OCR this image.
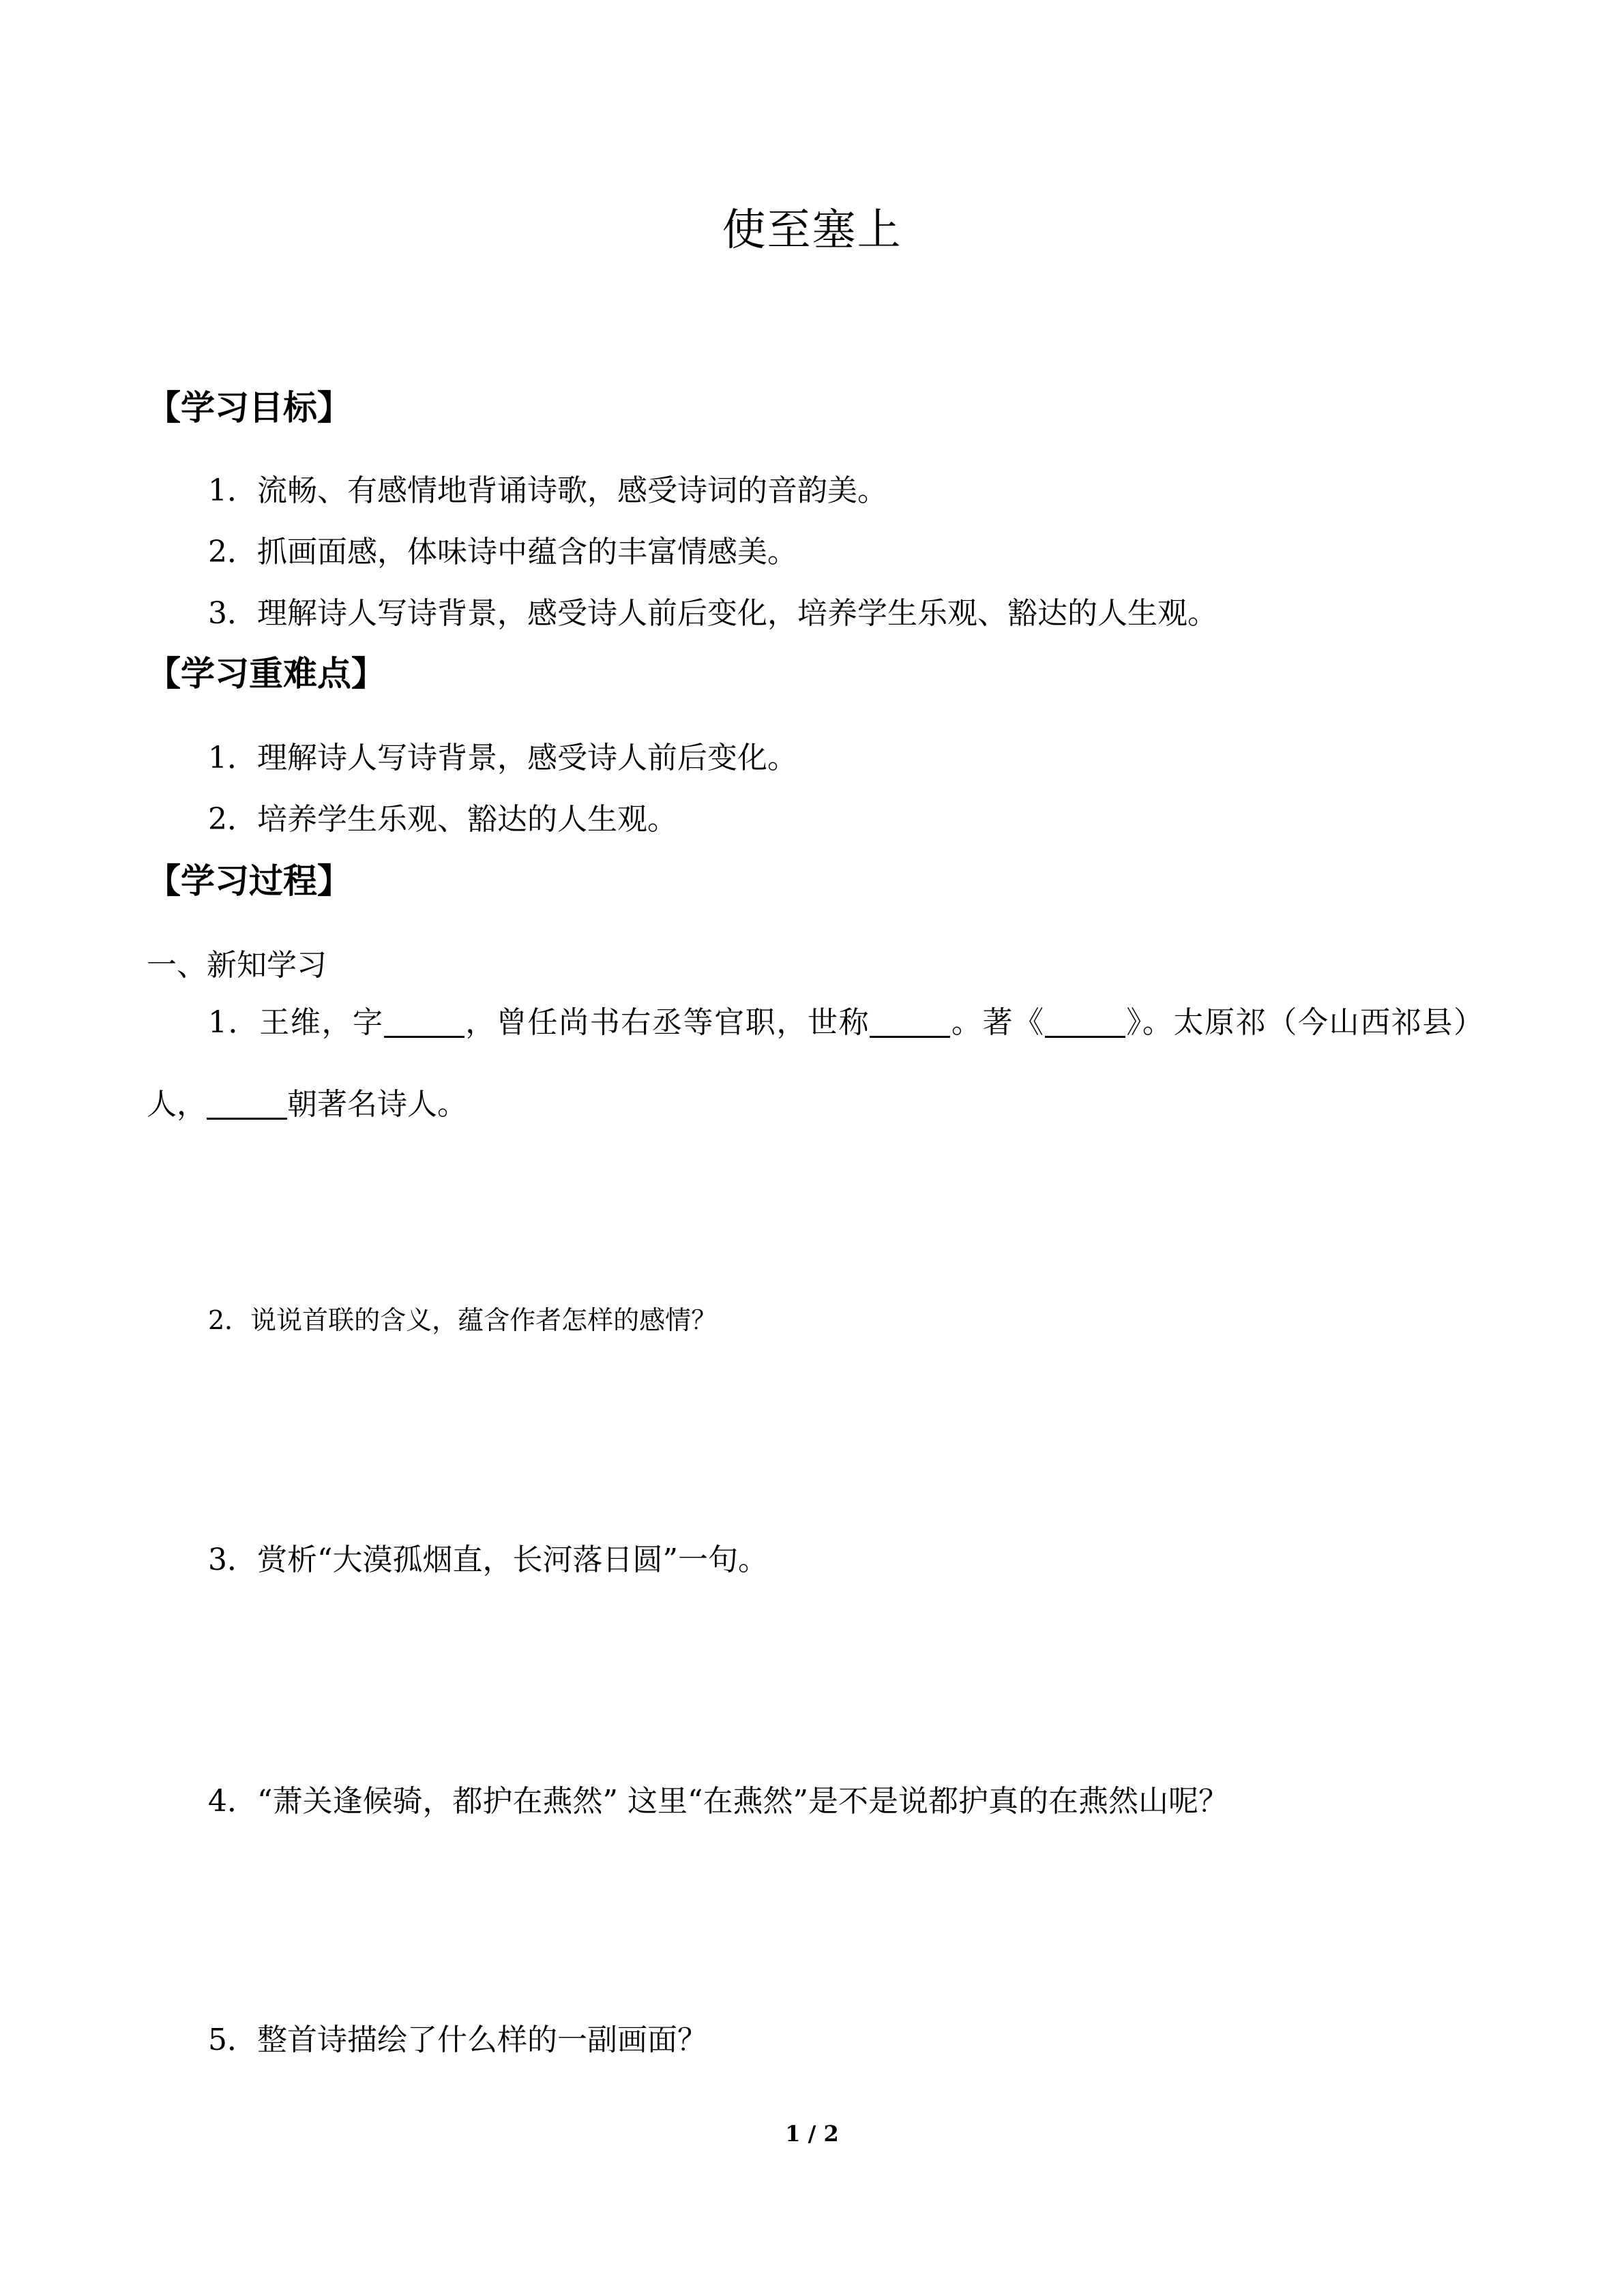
使至塞上
【学习目标】
1．流畅、有感情地背诵诗歌，感受诗词的音韵美。
2．抓画面感，体味诗中蕴含的丰富情感美。
3．理解诗人写诗背景，感受诗人前后变化，培养学生乐观、豁达的人生观。
【学习重难点】
1．理解诗人写诗背景，感受诗人前后变化。
2．培养学生乐观、豁达的人生观。
【学习过程】
一、新知学习
1．王维，字	，曾任尚书右丞等官职，世称	。著《	》。太原祁（今山西祁县）人，	朝著名诗人。
2．说说首联的含义，蕴含作者怎样的感情？
3．赏析“大漠孤烟直，长河落日圆”一句。
4．“萧关逢候骑，都护在燕然” 这里“在燕然”是不是说都护真的在燕然山呢？
5．整首诗描绘了什么样的一副画面？
1 / 2
